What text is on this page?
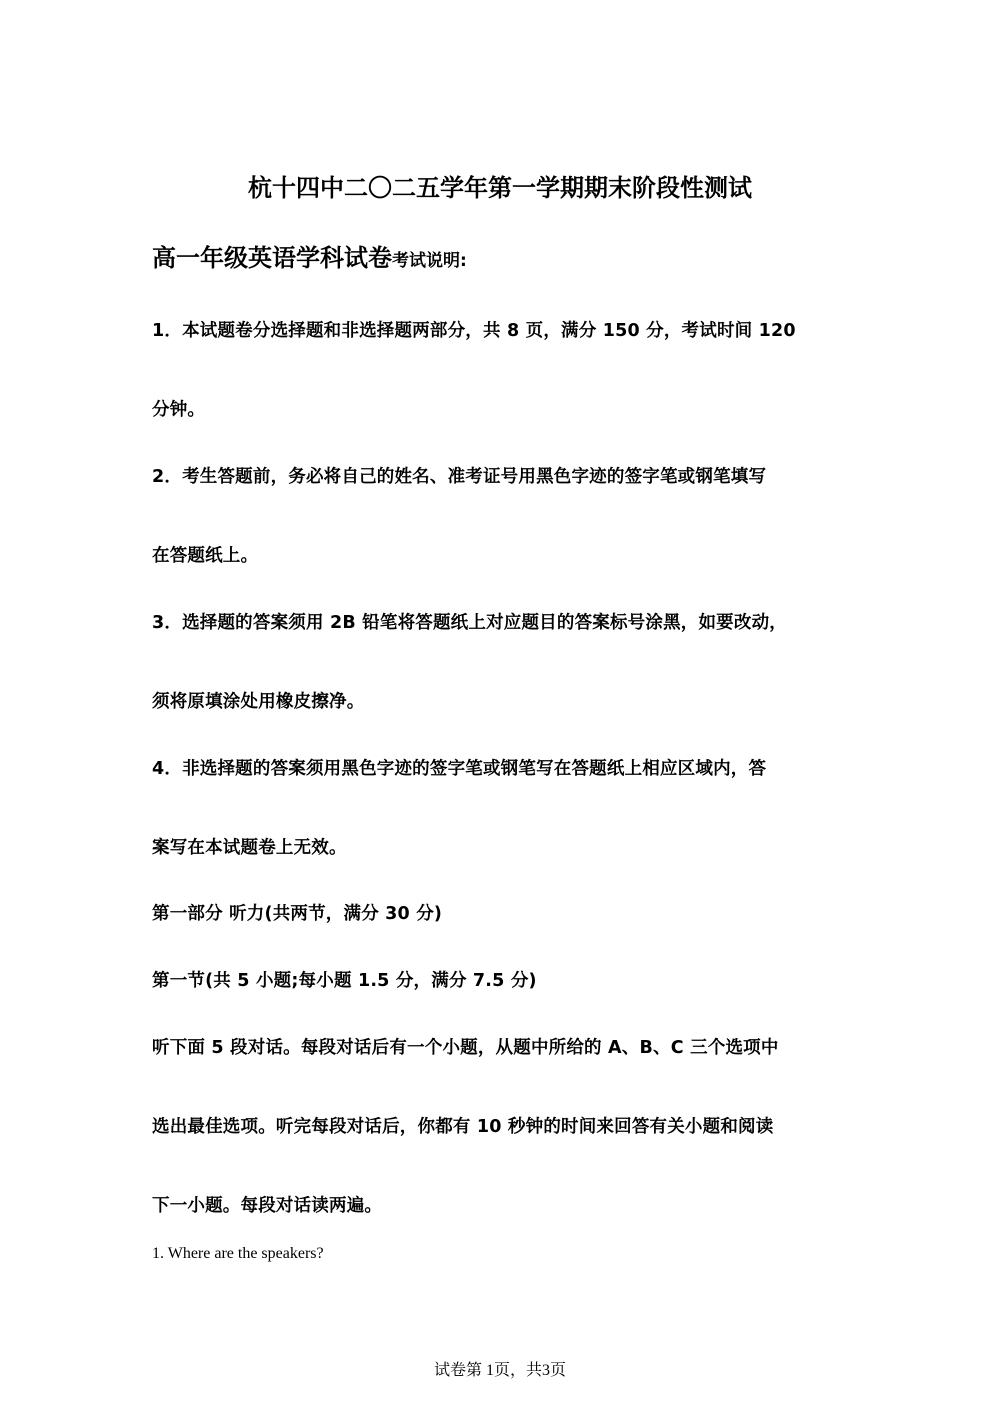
杭十四中二〇二五学年第一学期期末阶段性测试
高一年级英语学科试卷考试说明:
1．本试题卷分选择题和非选择题两部分，共 8 页，满分 150 分，考试时间 120
分钟。
2．考生答题前，务必将自己的姓名、准考证号用黑色字迹的签字笔或钢笔填写
在答题纸上。
3．选择题的答案须用 2B 铅笔将答题纸上对应题目的答案标号涂黑，如要改动，
须将原填涂处用橡皮擦净。
4．非选择题的答案须用黑色字迹的签字笔或钢笔写在答题纸上相应区域内，答
案写在本试题卷上无效。
第一部分 听力(共两节，满分 30 分)
第一节(共 5 小题;每小题 1.5 分，满分 7.5 分)
听下面 5 段对话。每段对话后有一个小题，从题中所给的 A、B、C 三个选项中
选出最佳选项。听完每段对话后，你都有 10 秒钟的时间来回答有关小题和阅读
下一小题。每段对话读两遍。
1. Where are the speakers?
试卷第 1页，共3页
